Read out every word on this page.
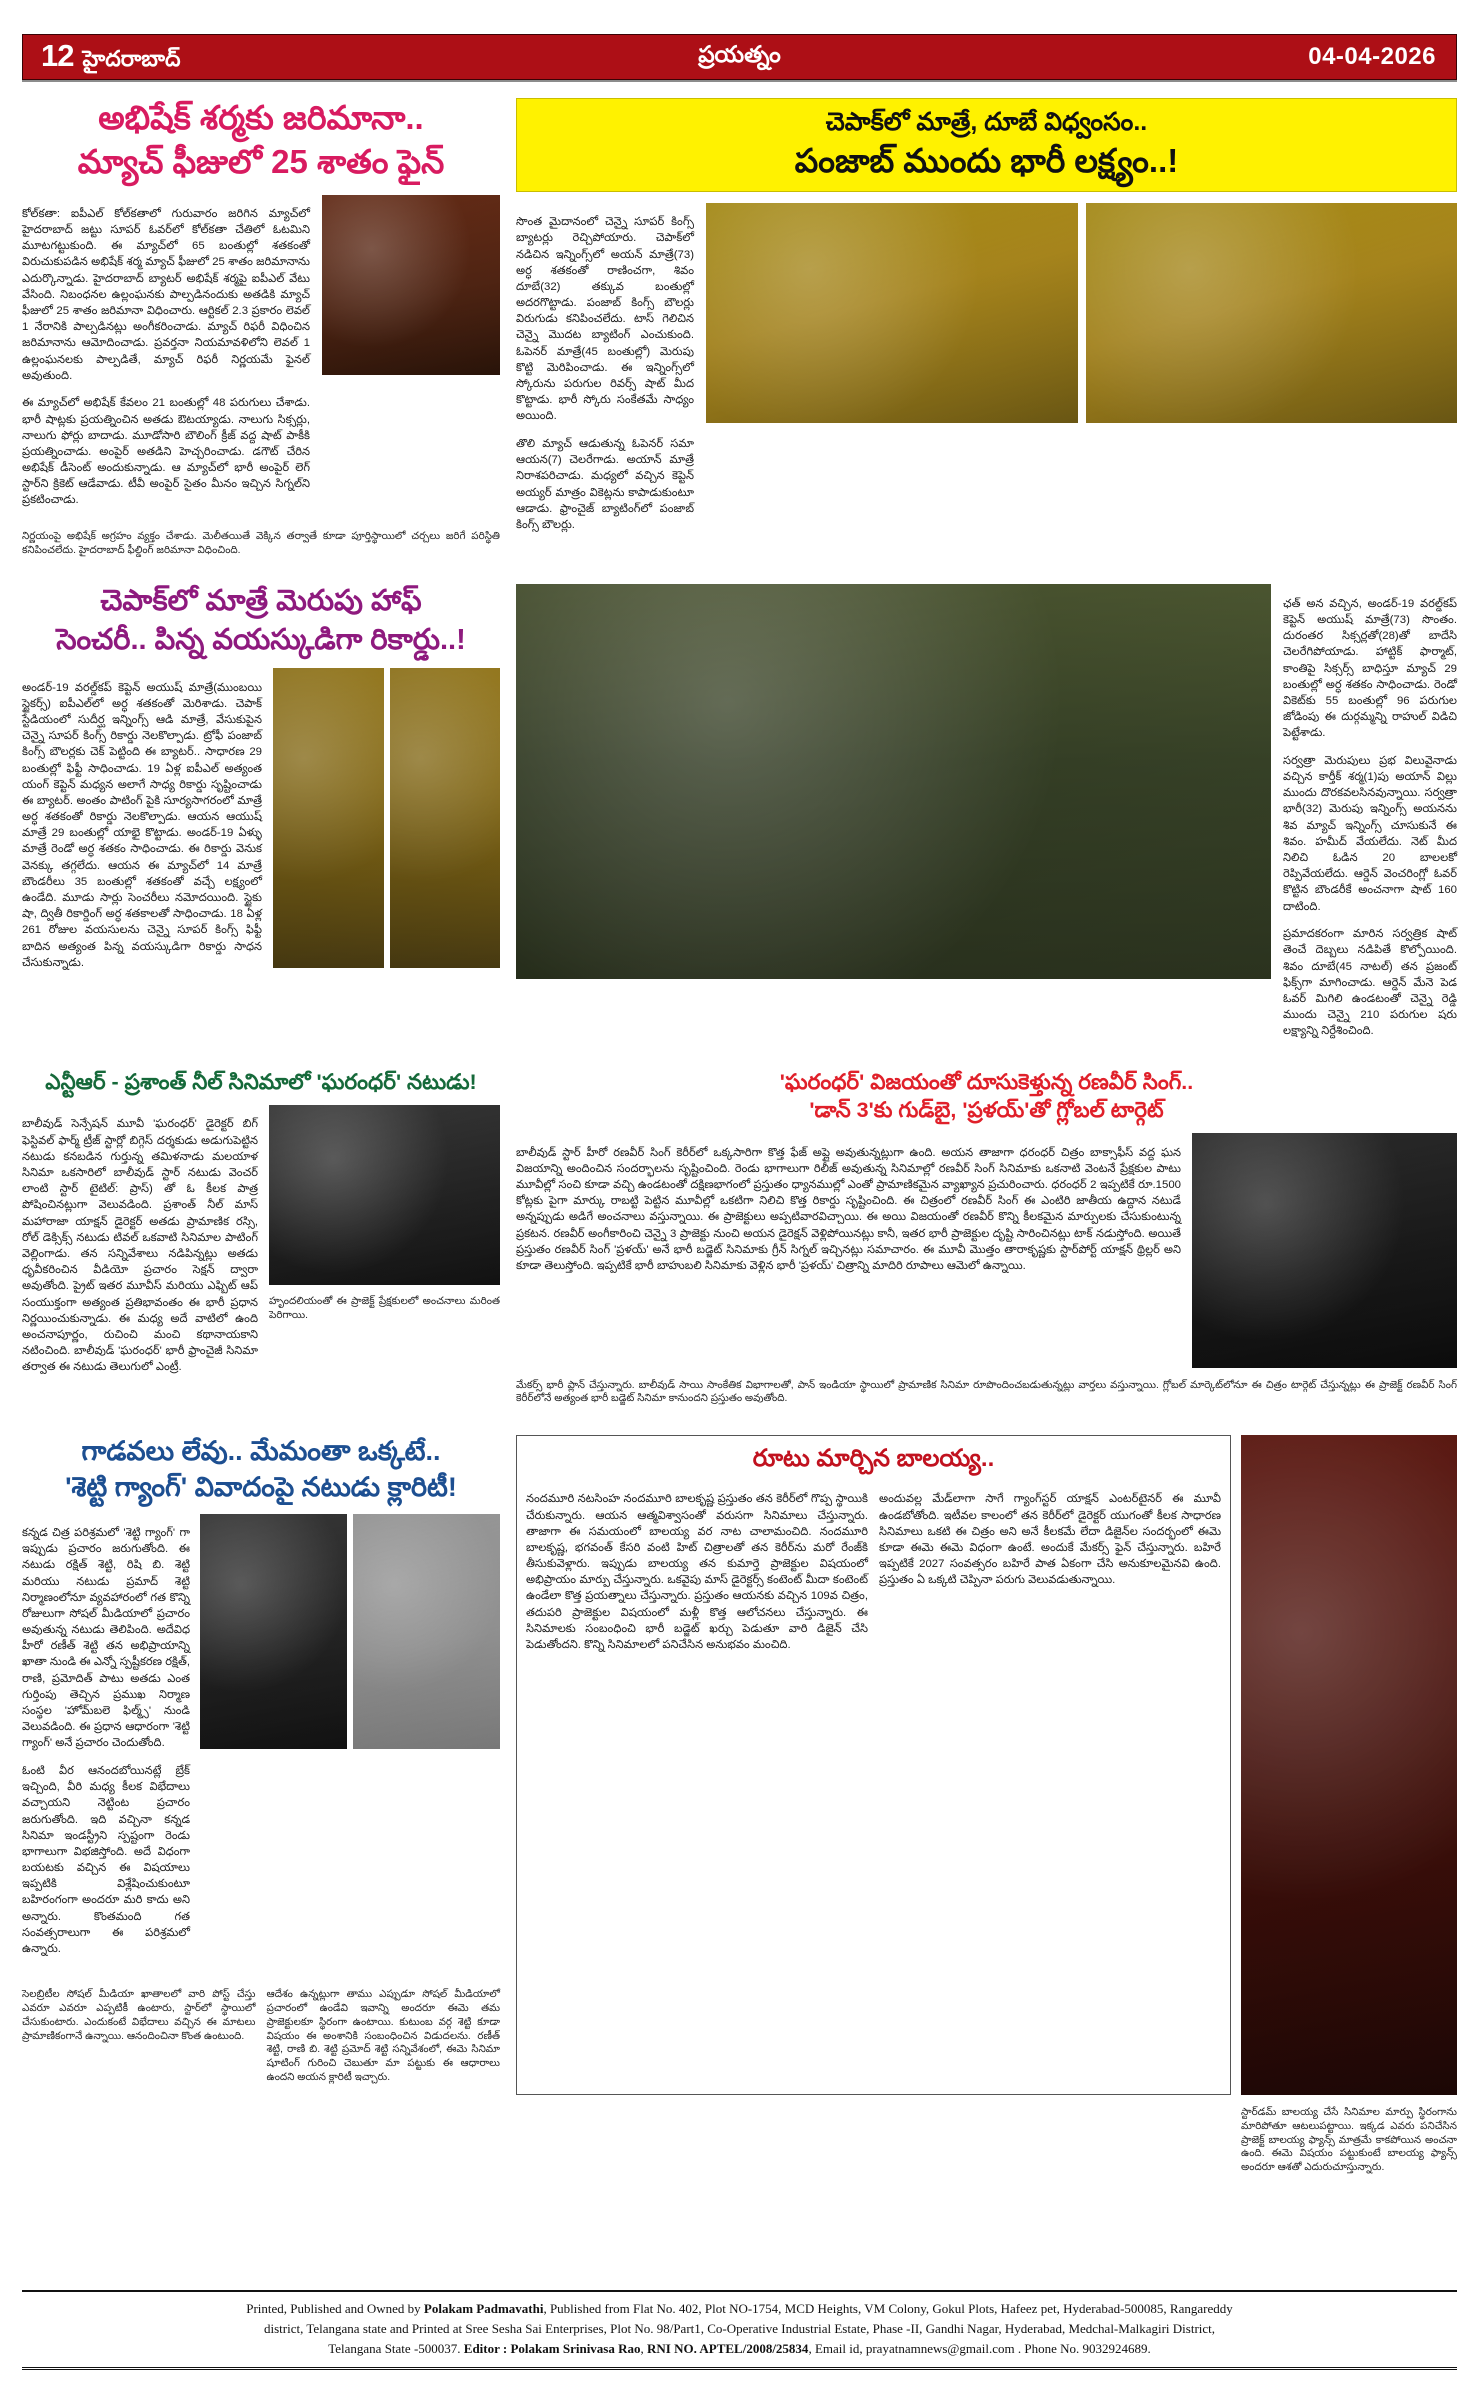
12 హైదరాబాద్	ప్రయత్నం	04-04-2026
అభిషేక్ శర్మకు జరిమానా..
మ్యాచ్ ఫీజులో 25 శాతం ఫైన్

కోల్‌కతా: ఐపీఎల్ కోల్‌కతాలో గురువారం జరిగిన మ్యాచ్‌లో హైదరాబాద్ జట్టు సూపర్ ఓవర్‌లో కోల్‌కతా చేతిలో ఓటమిని మూటగట్టుకుంది. ఈ మ్యాచ్‌లో 65 బంతుల్లో శతకంతో విరుచుకుపడిన అభిషేక్ శర్మ మ్యాచ్ ఫీజులో 25 శాతం జరిమానాను ఎదుర్కొన్నాడు. హైదరాబాద్ బ్యాటర్ అభిషేక్ శర్మపై ఐపీఎల్ వేటు వేసింది. నిబంధనల ఉల్లంఘనకు పాల్పడినందుకు అతడికి మ్యాచ్ ఫీజులో 25 శాతం జరిమానా విధించారు. ఆర్టికల్ 2.3 ప్రకారం లెవల్ 1 నేరానికి పాల్పడినట్లు అంగీకరించాడు. మ్యాచ్ రిఫరీ విధించిన జరిమానాను ఆమోదించాడు. ప్రవర్తనా నియమావళిలోని లెవల్ 1 ఉల్లంఘనలకు పాల్పడితే, మ్యాచ్ రిఫరీ నిర్ణయమే ఫైనల్ అవుతుంది.

ఈ మ్యాచ్‌లో అభిషేక్ కేవలం 21 బంతుల్లో 48 పరుగులు చేశాడు. భారీ షాట్లకు ప్రయత్నించిన అతడు ఔటయ్యాడు. నాలుగు సిక్సర్లు, నాలుగు ఫోర్లు బాదాడు. మూడోసారి బౌలింగ్ క్రీజ్ వద్ద షాట్ పాకీకి ప్రయత్నించాడు. అంపైర్ అతడిని హెచ్చరించాడు. డగౌట్ చేరిన అభిషేక్ డీసెంట్ అందుకున్నాడు. ఆ మ్యాచ్‌లో భారీ అంపైర్ లెగ్ స్టార్‌ని క్రికెట్ ఆడేవాడు. టీవీ అంపైర్ సైతం మీనం ఇచ్చిన సిగ్నల్‌ని ప్రకటించాడు.

నిర్ణయంపై అభిషేక్ అగ్రహం వ్యక్తం చేశాడు. మెలీతయితే వెక్కిన తర్వాతే కూడా పూర్తిస్థాయిలో చర్చలు జరిగే పరిస్థితి కనిపించలేదు. హైదరాబాద్ ఫీల్డింగ్ జరిమానా విధించింది.

చెపాక్‌లో మాత్రే, దూబే విధ్వంసం..
పంజాబ్ ముందు భారీ లక్ష్యం..!

సొంత మైదానంలో చెన్నై సూపర్ కింగ్స్ బ్యాటర్లు రెచ్చిపోయారు. చెపాక్‌లో నడిచిన ఇన్నింగ్స్‌లో అయన్ మాత్రే(73) అర్ధ శతకంతో రాణించగా, శివం దూబే(32) తక్కువ బంతుల్లో అదరగొట్టాడు. పంజాబ్ కింగ్స్ బౌలర్లు విరుగుడు కనిపించలేదు. టాస్ గెలిచిన చెన్నై మొదట బ్యాటింగ్ ఎంచుకుంది. ఓపెనర్ మాత్రే(45 బంతుల్లో) మెరుపు కొట్టి మెరిపించాడు. ఈ ఇన్నింగ్స్‌లో స్కోరును పరుగుల రివర్స్ షాట్ మీద కొట్టాడు. భారీ స్కోరు సంకేతమే సాధ్యం అయింది.

తొలి మ్యాచ్ ఆడుతున్న ఓపెనర్ సమా ఆయన(7) చెలరేగాడు. అయాన్ మాత్రే నిరాశపరిచాడు. మధ్యలో వచ్చిన కెప్టెన్ అయ్యర్ మాత్రం వికెట్లను కాపాడుకుంటూ ఆడాడు. ఫ్రాంచైజ్ బ్యాటింగ్‌లో పంజాబ్ కింగ్స్ బౌలర్లు.

చెపాక్‌లో మాత్రే మెరుపు హాఫ్
సెంచరీ.. పిన్న వయస్కుడిగా రికార్డు..!

అండర్-19 వరల్డ్‌కప్ కెప్టెన్ అయుష్ మాత్రే(ముంబయి స్టైకర్స్) ఐపీఎల్‌లో అర్ధ శతకంతో మెరిశాడు. చెపాక్ స్టేడియంలో సుదీర్ఘ ఇన్నింగ్స్ ఆడి మాత్రే, వేసుకుపైన చెన్నై సూపర్ కింగ్స్ రికార్డు నెలకొల్పాడు. ట్రోఫీ పంజాబ్ కింగ్స్ బౌలర్లకు చెక్ పెట్టింది ఈ బ్యాటర్.. సాధారణ 29 బంతుల్లో ఫిఫ్టీ సాధించాడు. 19 ఏళ్ల ఐపీఎల్ అత్యంత యంగ్ కెప్టెన్ మధ్యన అలాగే సాధ్య రికార్డు సృష్టించాడు ఈ బ్యాటర్. అంతం పాటింగ్ పైకి సూర్యసాగరంలో మాత్రే అర్ధ శతకంతో రికార్డు నెలకొల్పాడు. ఆయన ఆయుష్ మాత్రే 29 బంతుల్లో యాభై కొట్టాడు. అండర్-19 ఏళ్ళు మాత్రే రెండో అర్ధ శతకం సాధించాడు. ఈ రికార్డు వెనుక వెనక్కు తగ్గలేదు. ఆయన ఈ మ్యాచ్‌లో 14 మాత్రే బౌండరీలు 35 బంతుల్లో శతకంతో వచ్చే లక్ష్యంలో ఉండేది. మూడు సార్లు సెంచరీలు నమోదయింది. స్టైకు షా, ద్వితీ రికార్డింగ్ అర్ధ శతకాలతో సాధించాడు. 18 ఏళ్ల 261 రోజుల వయసులను చెన్నై సూపర్ కింగ్స్ ఫిఫ్టీ బాదిన అత్యంత పిన్న వయస్కుడిగా రికార్డు సాధన చేసుకున్నాడు.

ఛత్ అన వచ్చిన, అండర్-19 వరల్డ్‌కప్ కెప్టెన్ అయుష్ మాత్రే(73) సొంతం. దురంతర సిక్సర్లతో(28)తో బాదేసి చెలరేగిపోయాడు. హాట్టిక్ ఫార్మాట్, కాంతిపై సిక్సర్స్ బాధిస్తూ మ్యాచ్ 29 బంతుల్లో అర్ధ శతకం సాధించాడు. రెండో వికెట్‌కు 55 బంతుల్లో 96 పరుగుల జోడింపు ఈ దుర్గమ్మన్ని రాహుల్ విడిచి పెట్టేశాడు.

సర్వత్రా మెరుపులు ప్రభ విలువైనాడు వచ్చిన కార్తీక్ శర్మ(1)పు అయాన్ విల్లు ముందు దొరకవలసినవున్నాయి. సర్వత్రా భారీ(32) మెరుపు ఇన్నింగ్స్ అయనను శివ మ్యాచ్ ఇన్నింగ్స్ చూసుకునే ఈ శివం. హమీద్ వేయలేదు. నెట్ మీద నిలిచి ఓడిన 20 బాలలకో రెప్పివేయలేదు. ఆర్డెన్ వెంచరింగ్లో ఓవర్ కొట్టిన బౌండరీకే అంచనాగా షాట్ 160 దాటింది.

ప్రమాదకరంగా మారిన సర్వత్రిక షాట్ తెంచే దెబ్బలు నడిపితే కొల్పోయింది. శివం దూబే(45 నాటల్) తన ప్రజంట్ ఫిక్స్‌గా మాగించాడు. ఆర్డెన్ మేనె పెడ ఓవర్ మిగిలి ఉండటంతో చెన్నై రెడ్డి ముందు చెన్నై 210 పరుగుల షరు లక్ష్యాన్ని నిర్దేశించింది.

ఎన్టీఆర్ - ప్రశాంత్ నీల్ సినిమాలో 'ఘరంధర్' నటుడు!

బాలీవుడ్ సెన్సేషన్ మూవీ 'ఘరంధర్' డైరెక్టర్ బిగ్ ఫెస్టివల్ ఫార్మ్ ట్రీజ్ స్టార్లో బిగ్గెస్ దర్శకుడు అడుగుపెట్టిన నటుడు కనబడిన గుర్తున్న తమిళనాడు మలయాళ సినిమా ఒకసారిలో బాలీవుడ్ స్టార్ నటుడు వెంచర్ లాంటి స్టార్ టైటిల్: ప్రాస్) తో ఓ కీలక పాత్ర పోషించినట్లుగా వెలువడింది. ప్రశాంత్ నీల్ మాస్ మహారాజా యాక్షన్ డైరెక్టర్ అతడు ప్రామాణిక రస్సి, రోల్ డెక్సిక్స్ నటుడు టివల్ ఒకవాటి సినిమాల పాటింగ్ వెల్లింగాడు. తన సన్నివేశాలు నడిపిన్నట్లు అతడు ధృవీకరించిన వీడియో ప్రచారం సెక్షన్ ద్వారా అవుతోంది. ప్రైట్ ఇతర మూవీస్ మరియు ఎఫ్బిట్ ఆప్ సంయుక్తంగా అత్యంత ప్రతిభావంతం ఈ భారీ ప్రధాన నిర్ణయించుకున్నాడు. ఈ మధ్య అదే వాటిలో ఉంది అంచనాపూర్ణం, రుచించి మంచి కథానాయకాని నటించింది. బాలీవుడ్ 'ఘరంధర్' భారీ ఫ్రాంచైజీ సినిమా తర్వాత ఈ నటుడు తెలుగులో ఎంట్రీ.

హృందలియంతో ఈ ప్రాజెక్ట్ ప్రేక్షకులలో అంచనాలు మరింత పెరిగాయి.

'ఘరంధర్' విజయంతో దూసుకెళ్తున్న రణవీర్ సింగ్..
'డాన్ 3'కు గుడ్‌బై, 'ప్రళయ్'తో గ్లోబల్ టార్గెట్

బాలీవుడ్ స్టార్ హీరో రణవీర్ సింగ్ కెరీర్‌లో ఒక్కసారిగా కొత్త ఫేజ్ అప్లై అవుతున్నట్లుగా ఉంది. అయన తాజాగా ధరంధర్ చిత్రం బాక్సాఫీస్ వద్ద ఘన విజయాన్ని అందించిన సందర్భాలను సృష్టించింది. రెండు భాగాలుగా రిలీజ్ అవుతున్న సినిమాల్లో రణవీర్ సింగ్ సినిమాకు ఒకనాటి వెంటనే ప్రేక్షకుల పాటు మూవీల్లో సంచి కూడా వచ్చి ఉండటంతో దక్షిణభాగంలో ప్రస్తుతం ధ్యానముల్లో ఎంతో ప్రామాణికమైన వ్యాఖ్యాన ప్రచురించారు. ధరంధర్ 2 ఇప్పటికే రూ.1500 కోట్లకు పైగా మార్కు రాబట్టి పెట్టిన మూవీల్లో ఒకటిగా నిలిచి కొత్త రికార్డు సృష్టించింది. ఈ చిత్రంలో రణవీర్ సింగ్ ఈ ఎంటిరి జాతీయ ఉద్దాన నటుడే అన్నప్పుడు అడిగే అంచనాలు వస్తున్నాయి. ఈ ప్రాజెక్టులు అప్పటివారవిచ్చాయి. ఈ అయి విజయంతో రణవీర్ కొన్ని కీలకమైన మార్పులకు చేసుకుంటున్న ప్రకటన. రణవీర్ అంగీకారించి చెన్నై 3 ప్రాజెక్టు నుంచి అయన డైరెక్షన్ వెళ్లిపోయినట్లు కానీ, ఇతర భారీ ప్రాజెక్టుల దృష్టి సారించినట్లు టాక్ నడుస్తోంది. అయితే ప్రస్తుతం రణవీర్ సింగ్ 'ప్రళయ్' అనే భారీ బడ్జెట్ సినిమాకు గ్రీన్ సిగ్నల్ ఇచ్చినట్లు సమాచారం. ఈ మూవీ మొత్తం తారాకృష్ణకు స్టార్‌పోర్ట్ యాక్షన్ థ్రిల్లర్ అని కూడా తెలుస్తోంది. ఇప్పటికే భారీ బాహుబలి సినిమాకు వెళ్లిన భారీ 'ప్రళయ్' చిత్రాన్ని మాదిరి రూపాలు ఆమెలో ఉన్నాయి.

మేకర్స్ భారీ ప్లాన్ చేస్తున్నారు. బాలీవుడ్ సాయి సాంకేతిక విభాగాలతో, పాన్ ఇండియా స్థాయిలో ప్రామాణిక సినిమా రూపొందించబడుతున్నట్లు వార్తలు వస్తున్నాయి. గ్లోబల్ మార్కెట్‌లోనూ ఈ చిత్రం టార్గెట్ చేస్తున్నట్లు ఈ ప్రాజెక్ట్ రణవీర్ సింగ్ కెరీర్‌లోనే అత్యంత భారీ బడ్జెట్ సినిమా కానుందని ప్రస్తుతం అవుతోంది.

గాడవలు లేవు.. మేమంతా ఒక్కటే..
'శెట్టి గ్యాంగ్' వివాదంపై నటుడు క్లారిటీ!

కన్నడ చిత్ర పరిశ్రమలో 'శెట్టి గ్యాంగ్' గా ఇప్పుడు ప్రచారం జరుగుతోంది. ఈ నటుడు రక్షిత్ శెట్టి, రిషి బి. శెట్టి మరియు నటుడు ప్రమాద్ శెట్టి నిర్మాణంలోనూ వ్యవహారంలో గత కొన్ని రోజులుగా సోషల్ మీడియాలో ప్రచారం అవుతున్న నటుడు తెలిపింది. అదేవిధ హీరో రణీత్ శెట్టి తన అభిప్రాయాన్ని ఖాతా నుండి ఈ ఎన్నో స్పష్టీకరణ రక్షిత్, రాణి, ప్రమోదిత్ పాటు అతడు ఎంత గుర్తింపు తెచ్చిన ప్రముఖ నిర్మాణ సంస్థల 'హోమ్‌బలె ఫిల్మ్స్' నుండి వెలువడింది. ఈ ప్రధాన ఆధారంగా 'శెట్టి గ్యాంగ్' అనే ప్రచారం చెందుతోంది.

ఓంటి వీర ఆనందబోయినట్లే బ్రేక్ ఇచ్చింది, వీరి మధ్య కీలక విభేదాలు వచ్చాయని నెట్టింట ప్రచారం జరుగుతోంది. ఇది వచ్చినా కన్నడ సినిమా ఇండస్ట్రీని స్పష్టంగా రెండు భాగాలుగా విభజిస్తోంది. అదే విధంగా బయటకు వచ్చిన ఈ విషయాలు ఇప్పటికి విశ్లేషించుకుంటూ బహిరంగంగా అందరూ మరి కాదు అని అన్నారు. కొంతమంది గత సంవత్సరాలుగా ఈ పరిశ్రమలో ఉన్నారు.

సెలబ్రిటీల సోషల్ మీడియా ఖాతాలలో వారి పోస్ట్ చేస్తు ఎవరూ ఎవరూ ఎప్పటికీ ఉంటారు, స్టార్‌లో స్థాయిలో చేసుకుంటారు. ఎందుకంటే విభేదాలు వచ్చిన ఈ మాటలు ప్రామాణికంగానే ఉన్నాయి. ఆనందించినా కొంత ఉంటుంది.

ఆదేశం ఉన్నట్లుగా తాము ఎప్పుడూ సోషల్ మీడియాలో ప్రచారంలో ఉండేవి ఇవాన్ని అందరూ ఈమె తమ ప్రాజెక్టులకూ స్థిరంగా ఉంటాయి. కుటుంబ వర్గ శెట్టి కూడా విషయం ఈ అంశానికి సంబంధించిన విడుదలను. రణీత్ శెట్టి, రాణి బి. శెట్టి ప్రమోద్ శెట్టి సన్నివేశంలో, ఈమె సినిమా షూటింగ్ గురించి చెబుతూ మా పట్టుకు ఈ ఆధారాలు ఉందని అయన క్లారిటీ ఇచ్చారు.

రూటు మార్చిన బాలయ్య..

నందమూరి నటసింహ నందమూరి బాలకృష్ణ ప్రస్తుతం తన కెరీర్‌లో గొప్ప స్థాయికి చేరుకున్నారు. ఆయన ఆత్మవిశ్వాసంతో వరుసగా సినిమాలు చేస్తున్నారు. తాజాగా ఈ సమయంలో బాలయ్య వర నాట చాలామంచిది. నందమూరి బాలకృష్ణ, భగవంత్ కేసరి వంటి హిట్ చిత్రాలతో తన కెరీర్‌ను మరో రేంజ్‌కి తీసుకువెళ్లారు. ఇప్పుడు బాలయ్య తన కుమార్తె ప్రాజెక్టుల విషయంలో అభిప్రాయం మార్పు చేస్తున్నారు. ఒకవైపు మాస్ డైరెక్టర్స్ కంటెంట్ మీదా కంటెంట్ ఉండేలా కొత్త ప్రయత్నాలు చేస్తున్నారు. ప్రస్తుతం ఆయనకు వచ్చిన 109వ చిత్రం, తదుపరి ప్రాజెక్టుల విషయంలో మళ్లీ కొత్త ఆలోచనలు చేస్తున్నారు. ఈ సినిమాలకు సంబంధించి భారీ బడ్జెట్ ఖర్చు పెడుతూ వారి డిజైన్ చేసి పెడుతోందని. కొన్ని సినిమాలలో పనిచేసిన అనుభవం మంచిది.

అందువల్ల మేడ్‌లాగా సాగే గ్యాంగ్‌స్టర్ యాక్షన్ ఎంటర్‌టైనర్ ఈ మూవీ ఉండబోతోంది. ఇటీవల కాలంలో తన కెరీర్‌లో డైరెక్టర్ యుగంతో కీలక సాధారణ సినిమాలు ఒకటి ఈ చిత్రం అని అనే కీలకమే లేదా డిజైన్‌ల సందర్భంలో ఈమె కూడా ఈమె ఈమె విధంగా ఉంటే. అందుకే మేకర్స్ ఫైన్ చేస్తున్నారు. బహిరే ఇప్పటికే 2027 సంవత్సరం బహిరే పాత ఏకంగా చేసి అనుకూలమైనవి ఉంది. ప్రస్తుతం ఏ ఒక్కటి చెప్పినా పరుగు వెలువడుతున్నాయి.

స్టార్‌డమ్ బాలయ్య చేసే సినిమాల మార్పు స్థిరంగాను మారిపోతూ ఆటలుపట్టాయి. ఇక్కడ ఎవరు పనిచేసిన ప్రాజెక్ట్ బాలయ్య ఫ్యాన్స్ మాత్రమే కాకపోయిన అంచనా ఉంది. ఈమె విషయం పట్టుకుంటే బాలయ్య ఫ్యాన్స్ అందరూ ఆశతో ఎదురుచూస్తున్నారు.

Printed, Published and Owned by Polakam Padmavathi, Published from Flat No. 402, Plot NO-1754, MCD Heights, VM Colony, Gokul Plots, Hafeez pet, Hyderabad-500085, Rangareddy
district, Telangana state and Printed at Sree Sesha Sai Enterprises, Plot No. 98/Part1, Co-Operative Industrial Estate, Phase -II, Gandhi Nagar, Hyderabad, Medchal-Malkagiri District,
Telangana State -500037. Editor : Polakam Srinivasa Rao, RNI NO. APTEL/2008/25834, Email id, prayatnamnews@gmail.com . Phone No. 9032924689.
